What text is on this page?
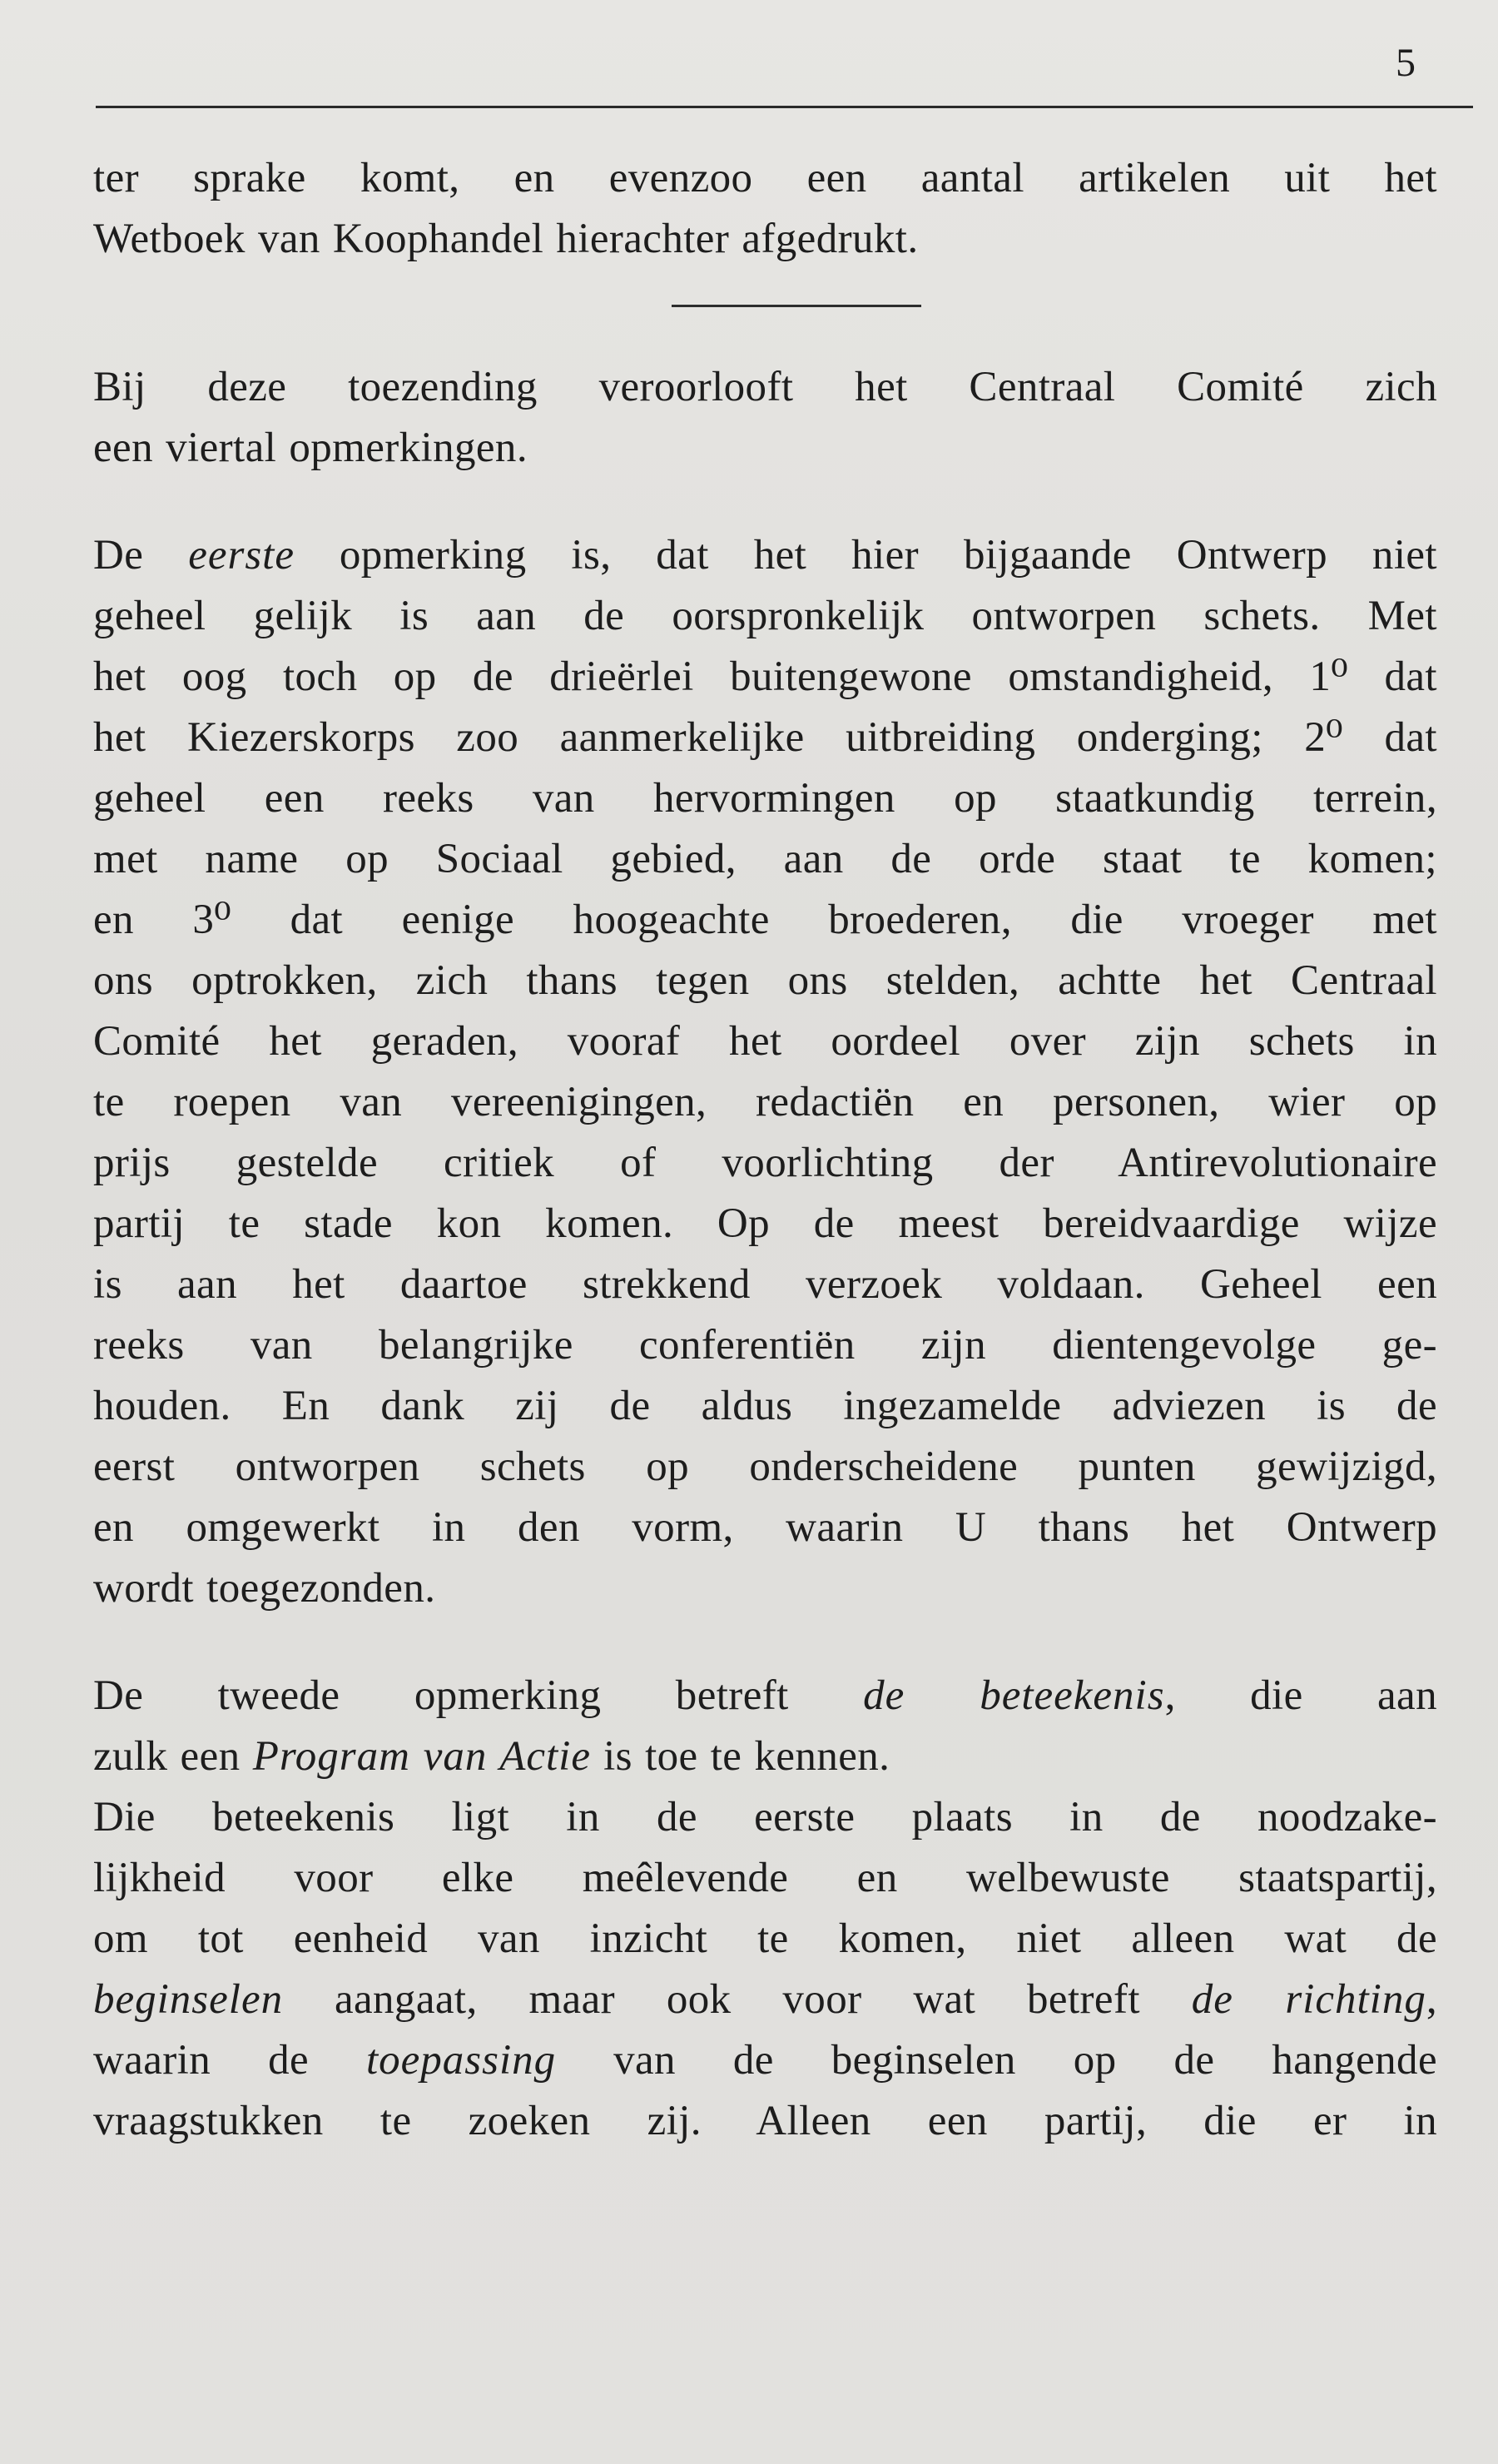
5

ter sprake komt, en evenzoo een aantal artikelen uit het

Wetboek van Koophandel hierachter afgedrukt.

Bij deze toezending veroorlooft het Centraal Comité zich

een viertal opmerkingen.

De eerste opmerking is, dat het hier bijgaande Ontwerp niet

geheel gelijk is aan de oorspronkelijk ontworpen schets. Met

het oog toch op de drieërlei buitengewone omstandigheid, 1⁰ dat

het Kiezerskorps zoo aanmerkelijke uitbreiding onderging; 2⁰ dat

geheel een reeks van hervormingen op staatkundig terrein,

met name op Sociaal gebied, aan de orde staat te komen;

en 3⁰ dat eenige hoogeachte broederen, die vroeger met

ons optrokken, zich thans tegen ons stelden, achtte het Centraal

Comité het geraden, vooraf het oordeel over zijn schets in

te roepen van vereenigingen, redactiën en personen, wier op

prijs gestelde critiek of voorlichting der Antirevolutionaire

partij te stade kon komen. Op de meest bereidvaardige wijze

is aan het daartoe strekkend verzoek voldaan. Geheel een

reeks van belangrijke conferentiën zijn dientengevolge ge-

houden. En dank zij de aldus ingezamelde adviezen is de

eerst ontworpen schets op onderscheidene punten gewijzigd,

en omgewerkt in den vorm, waarin U thans het Ontwerp

wordt toegezonden.

De tweede opmerking betreft de beteekenis, die aan

zulk een Program van Actie is toe te kennen.

Die beteekenis ligt in de eerste plaats in de noodzake-

lijkheid voor elke meêlevende en welbewuste staatspartij,

om tot eenheid van inzicht te komen, niet alleen wat de

beginselen aangaat, maar ook voor wat betreft de richting,

waarin de toepassing van de beginselen op de hangende

vraagstukken te zoeken zij. Alleen een partij, die er in
